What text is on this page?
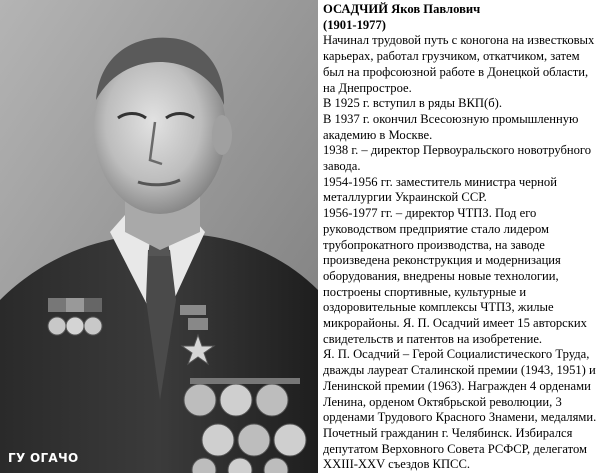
ГУ ОГАЧО

ОСАДЧИЙ Яков Павлович

(1901-1977)

Начинал трудовой путь с коногона на известковых карьерах, работал грузчиком, откатчиком, затем был на профсоюзной работе в Донецкой области, на Днепрострое.

В 1925 г. вступил в ряды ВКП(б).

В 1937 г. окончил Всесоюзную промышленную академию в Москве.

1938 г. – директор Первоуральского новотрубного завода.

1954-1956 гг. заместитель министра черной металлургии Украинской ССР.

1956-1977 гг. – директор ЧТПЗ. Под его руководством предприятие стало лидером трубопрокатного производства, на заводе произведена реконструкция и модернизация оборудования, внедрены новые технологии, построены спортивные, культурные и оздоровительные комплексы ЧТПЗ, жилые микрорайоны. Я. П. Осадчий имеет 15 авторских свидетельств и патентов на изобретение.

Я. П. Осадчий – Герой Социалистического Труда, дважды лауреат Сталинской премии (1943, 1951) и Ленинской премии (1963). Награжден 4 орденами Ленина, орденом Октябрьской революции, 3 орденами Трудового Красного Знамени, медалями. Почетный гражданин г. Челябинск. Избирался депутатом Верховного Совета РСФСР, делегатом XXIII-XXV съездов КПСС.
